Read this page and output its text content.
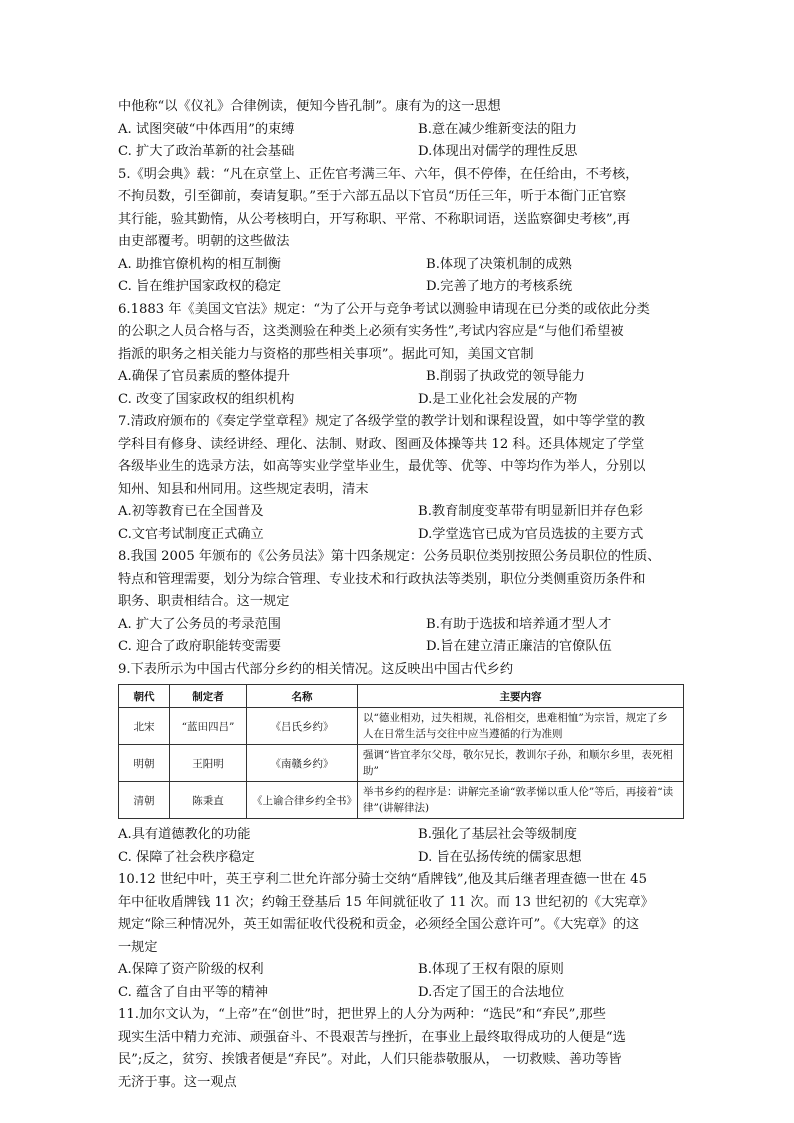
中他称“以《仪礼》合律例读，便知今皆孔制”。康有为的这一思想
A. 试图突破“中体西用”的束缚	B.意在减少维新变法的阻力
C. 扩大了政治革新的社会基础	D.体现出对儒学的理性反思
5.《明会典》载：“凡在京堂上、正佐官考满三年、六年，俱不停俸，在任给由，不考核，
不拘员数，引至御前，奏请复职。”至于六部五品以下官员“历任三年，听于本衙门正官察
其行能，验其勤惰，从公考核明白，开写称职、平常、不称职词语，送监察御史考核”,再
由吏部覆考。明朝的这些做法
A. 助推官僚机构的相互制衡	B.体现了决策机制的成熟
C. 旨在维护国家政权的稳定	D.完善了地方的考核系统
6.1883 年《美国文官法》规定：“为了公开与竞争考试以测验申请现在已分类的或依此分类
的公职之人员合格与否，这类测验在种类上必须有实务性”,考试内容应是“与他们希望被
指派的职务之相关能力与资格的那些相关事项”。据此可知，美国文官制
A.确保了官员素质的整体提升	B.削弱了执政党的领导能力
C. 改变了国家政权的组织机构	D.是工业化社会发展的产物
7.清政府颁布的《奏定学堂章程》规定了各级学堂的教学计划和课程设置，如中等学堂的教
学科目有修身、读经讲经、理化、法制、财政、图画及体操等共 12 科。还具体规定了学堂
各级毕业生的选录方法，如高等实业学堂毕业生，最优等、优等、中等均作为举人，分别以
知州、知县和州同用。这些规定表明，清末
A.初等教育已在全国普及	B.教育制度变革带有明显新旧并存色彩
C.文官考试制度正式确立	D.学堂选官已成为官员选拔的主要方式
8.我国 2005 年颁布的《公务员法》第十四条规定：公务员职位类别按照公务员职位的性质、
特点和管理需要，划分为综合管理、专业技术和行政执法等类别，职位分类侧重资历条件和
职务、职责相结合。这一规定
A. 扩大了公务员的考录范围	B.有助于选拔和培养通才型人才
C. 迎合了政府职能转变需要	D.旨在建立清正廉洁的官僚队伍
9.下表所示为中国古代部分乡约的相关情况。这反映出中国古代乡约
朝代	制定者	名称	主要内容
北宋	“蓝田四吕”	《吕氏乡约》	以“德业相劝，过失相规，礼俗相交，患难相恤”为宗旨，规定了乡人在日常生活与交往中应当遵循的行为准则
明朝	王阳明	《南赣乡约》	强调“皆宜孝尔父母，敬尔兄长，教训尔子孙，和顺尔乡里，表死相助”
清朝	陈秉直	《上谕合律乡约全书》	举书乡约的程序是：讲解完圣谕“敦孝悌以重人伦”等后，再接着“读律”(讲解律法)
A.具有道德教化的功能	B.强化了基层社会等级制度
C. 保障了社会秩序稳定	D. 旨在弘扬传统的儒家思想
10.12 世纪中叶，英王亨利二世允许部分骑士交纳“盾牌钱”,他及其后继者理查德一世在 45
年中征收盾牌钱 11 次；约翰王登基后 15 年间就征收了 11 次。而 13 世纪初的《大宪章》
规定“除三种情况外，英王如需征收代役税和贡金，必须经全国公意许可”。《大宪章》的这
一规定
A.保障了资产阶级的权利	B.体现了王权有限的原则
C. 蕴含了自由平等的精神	D.否定了国王的合法地位
11.加尔文认为，“上帝”在“创世”时，把世界上的人分为两种：“选民”和“弃民”,那些
现实生活中精力充沛、顽强奋斗、不畏艰苦与挫折，在事业上最终取得成功的人便是“选
民”;反之，贫穷、挨饿者便是“弃民”。对此，人们只能恭敬服从， 一切救赎、善功等皆
无济于事。这一观点
